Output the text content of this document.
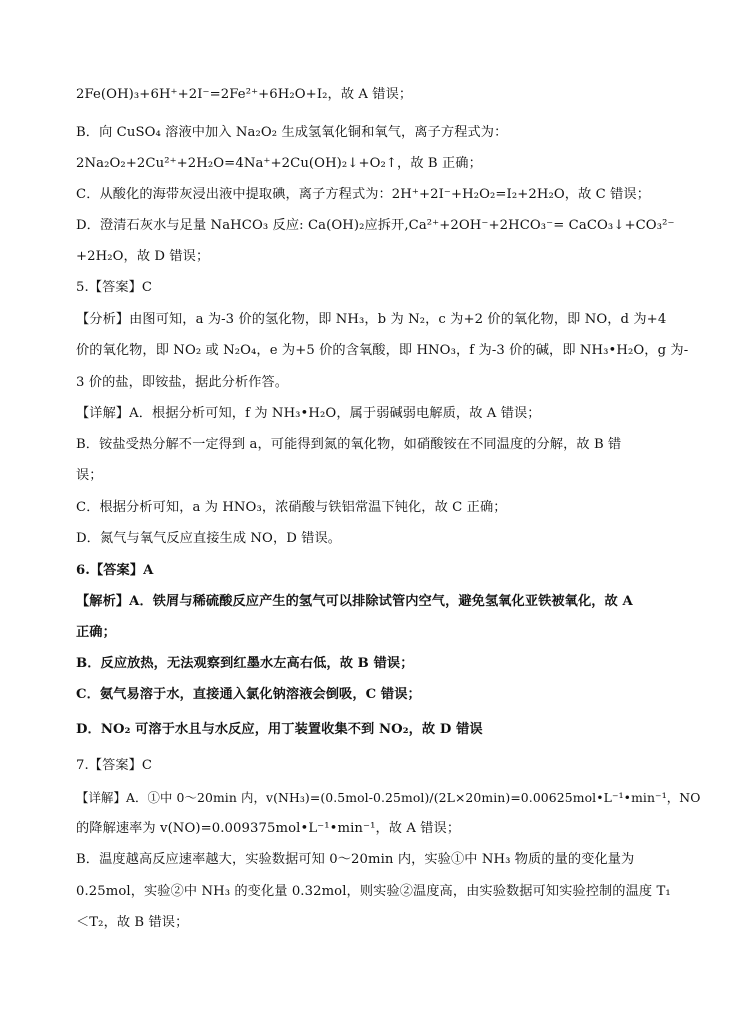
2Fe(OH)₃+6H⁺+2I⁻=2Fe²⁺+6H₂O+I₂，故 A 错误；
B．向 CuSO₄ 溶液中加入 Na₂O₂ 生成氢氧化铜和氧气，离子方程式为：
2Na₂O₂+2Cu²⁺+2H₂O=4Na⁺+2Cu(OH)₂↓+O₂↑，故 B 正确；
C．从酸化的海带灰浸出液中提取碘，离子方程式为：2H⁺+2I⁻+H₂O₂=I₂+2H₂O，故 C 错误；
D．澄清石灰水与足量 NaHCO₃ 反应: Ca(OH)₂应拆开,Ca²⁺+2OH⁻+2HCO₃⁻= CaCO₃↓+CO₃²⁻
+2H₂O，故 D 错误；
5.【答案】C
【分析】由图可知，a 为-3 价的氢化物，即 NH₃，b 为 N₂，c 为+2 价的氧化物，即 NO，d 为+4
价的氧化物，即 NO₂ 或 N₂O₄，e 为+5 价的含氧酸，即 HNO₃，f 为-3 价的碱，即 NH₃•H₂O，g 为-
3 价的盐，即铵盐，据此分析作答。
【详解】A．根据分析可知，f 为 NH₃•H₂O，属于弱碱弱电解质，故 A 错误；
B．铵盐受热分解不一定得到 a，可能得到氮的氧化物，如硝酸铵在不同温度的分解，故 B 错
误；
C．根据分析可知，a 为 HNO₃，浓硝酸与铁铝常温下钝化，故 C 正确；
D．氮气与氧气反应直接生成 NO，D 错误。
6.【答案】A
【解析】A．铁屑与稀硫酸反应产生的氢气可以排除试管内空气，避免氢氧化亚铁被氧化，故 A
正确；
B．反应放热，无法观察到红墨水左高右低，故 B 错误；
C．氨气易溶于水，直接通入氯化钠溶液会倒吸，C 错误；
D．NO₂ 可溶于水且与水反应，用丁装置收集不到 NO₂，故 D 错误
7.【答案】C
【详解】A．①中 0～20min 内，v(NH₃)=(0.5mol-0.25mol)/(2L×20min)=0.00625mol•L⁻¹•min⁻¹，NO
的降解速率为 v(NO)=0.009375mol•L⁻¹•min⁻¹，故 A 错误；
B．温度越高反应速率越大，实验数据可知 0～20min 内，实验①中 NH₃ 物质的量的变化量为
0.25mol，实验②中 NH₃ 的变化量 0.32mol，则实验②温度高，由实验数据可知实验控制的温度 T₁
＜T₂，故 B 错误；
